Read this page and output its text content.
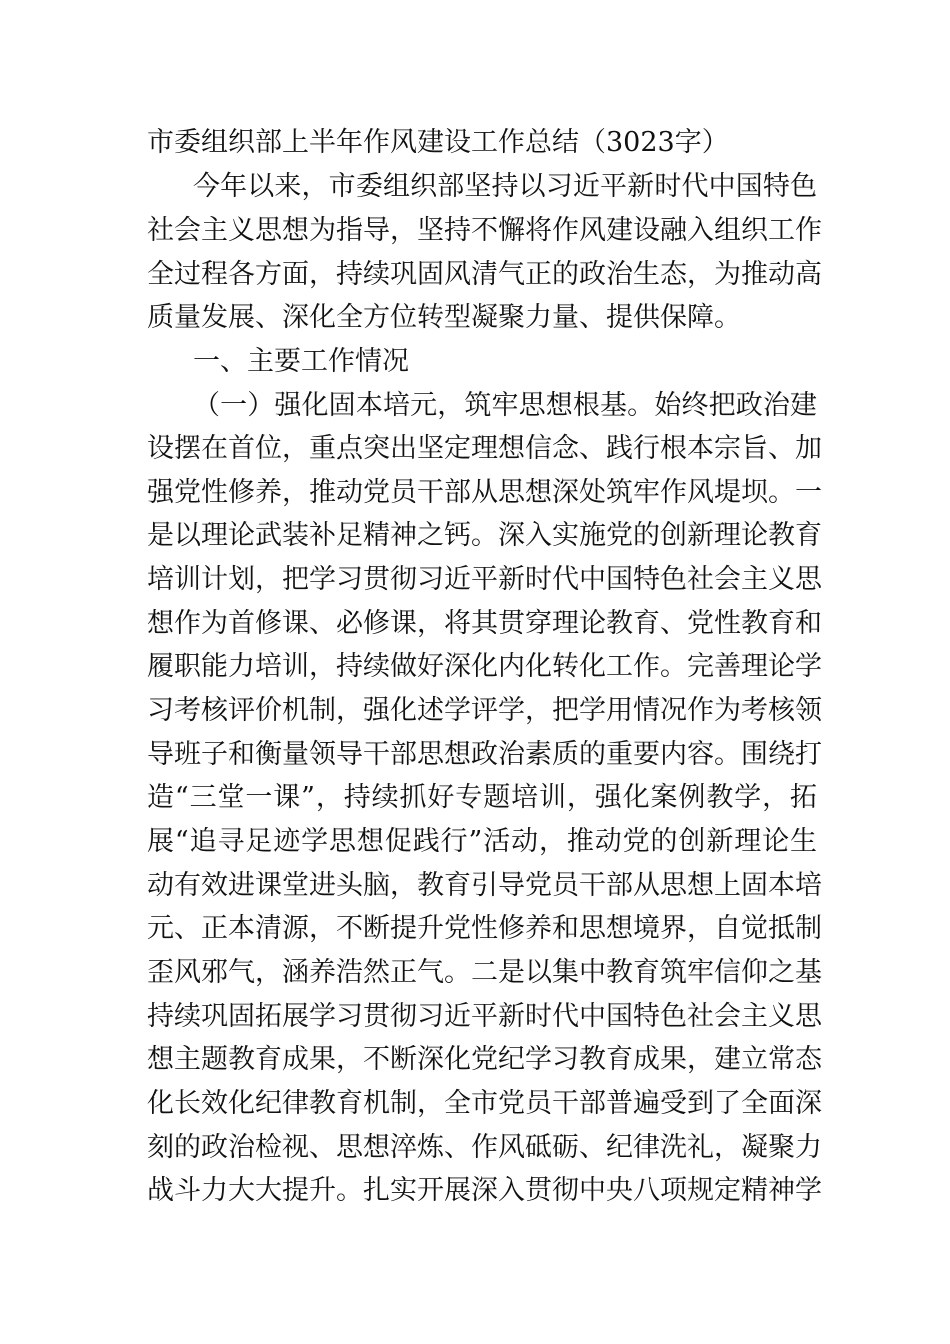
市委组织部上半年作风建设工作总结（3023字）

今年以来，市委组织部坚持以习近平新时代中国特色

社会主义思想为指导，坚持不懈将作风建设融入组织工作

全过程各方面，持续巩固风清气正的政治生态，为推动高

质量发展、深化全方位转型凝聚力量、提供保障。

一、主要工作情况

（一）强化固本培元，筑牢思想根基。始终把政治建

设摆在首位，重点突出坚定理想信念、践行根本宗旨、加

强党性修养，推动党员干部从思想深处筑牢作风堤坝。一

是以理论武装补足精神之钙。深入实施党的创新理论教育

培训计划，把学习贯彻习近平新时代中国特色社会主义思

想作为首修课、必修课，将其贯穿理论教育、党性教育和

履职能力培训，持续做好深化内化转化工作。完善理论学

习考核评价机制，强化述学评学，把学用情况作为考核领

导班子和衡量领导干部思想政治素质的重要内容。围绕打

造“三堂一课”，持续抓好专题培训，强化案例教学，拓

展“追寻足迹学思想促践行”活动，推动党的创新理论生

动有效进课堂进头脑，教育引导党员干部从思想上固本培

元、正本清源，不断提升党性修养和思想境界，自觉抵制

歪风邪气，涵养浩然正气。二是以集中教育筑牢信仰之基

持续巩固拓展学习贯彻习近平新时代中国特色社会主义思

想主题教育成果，不断深化党纪学习教育成果，建立常态

化长效化纪律教育机制，全市党员干部普遍受到了全面深

刻的政治检视、思想淬炼、作风砥砺、纪律洗礼，凝聚力

战斗力大大提升。扎实开展深入贯彻中央八项规定精神学
